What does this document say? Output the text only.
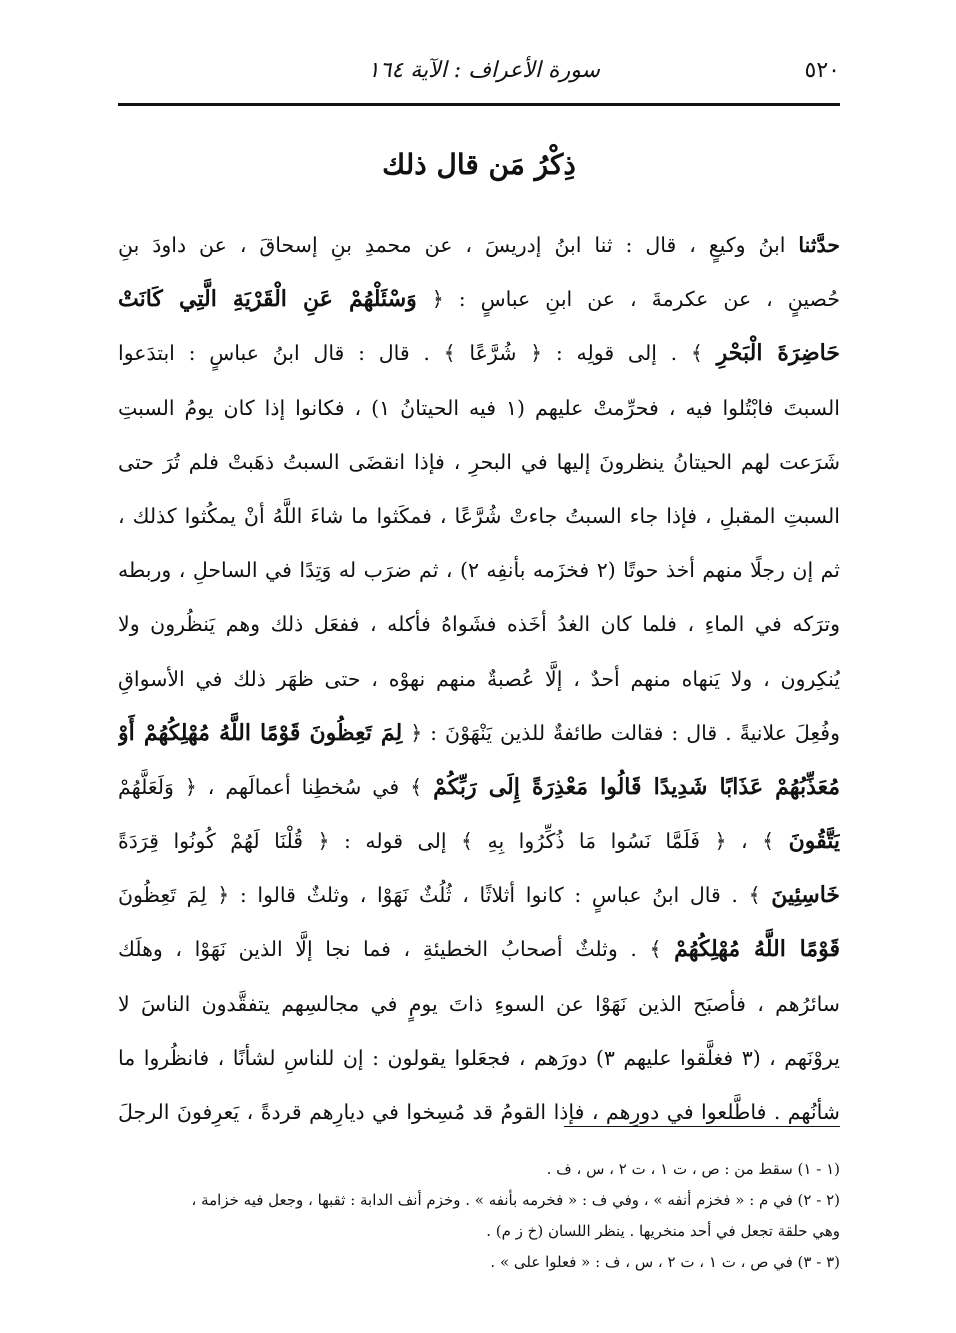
٥٢٠
سورة الأعراف : الآية ١٦٤
ذِكْرُ مَن قال ذلك
حدَّثنا ابنُ وكيعٍ ، قال : ثنا ابنُ إدريسَ ، عن محمدِ بنِ إسحاقَ ، عن داودَ بنِ
حُصينٍ ، عن عكرمةَ ، عن ابنِ عباسٍ : ﴿ وَسْئَلْهُمْ عَنِ الْقَرْيَةِ الَّتِي كَانَتْ
حَاضِرَةَ الْبَحْرِ ﴾ . إلى قولِه : ﴿ شُرَّعًا ﴾ . قال : قال ابنُ عباسٍ : ابتدَعوا
السبتَ فابْتُلوا فيه ، فحرِّمتْ عليهم (١ فيه الحيتانُ ١) ، فكانوا إذا كان يومُ السبتِ
شَرَعت لهم الحيتانُ ينظرونَ إليها في البحرِ ، فإذا انقضَى السبتُ ذهَبتْ فلم تُرَ حتى
السبتِ المقبلِ ، فإذا جاء السبتُ جاءتْ شُرَّعًا ، فمكَثوا ما شاءَ اللَّهُ أنْ يمكُثوا كذلك ،
ثم إن رجلًا منهم أخذ حوتًا (٢ فخزَمه بأنفِه ٢) ، ثم ضرَب له وَتِدًا في الساحلِ ، وربطه
وترَكه في الماءِ ، فلما كان الغدُ أخَذه فشَواهُ فأكله ، ففعَل ذلك وهم يَنظُرون ولا
يُنكِرون ، ولا يَنهاه منهم أحدٌ ، إلَّا عُصبةٌ منهم نهوْه ، حتى ظهَر ذلك في الأسواقِ
وفُعِلَ علانيةً . قال : فقالت طائفةٌ للذين يَنْهَوْنَ : ﴿ لِمَ تَعِظُونَ قَوْمًا اللَّهُ مُهْلِكُهُمْ أَوْ
مُعَذِّبُهُمْ عَذَابًا شَدِيدًا قَالُوا مَعْذِرَةً إِلَى رَبِّكُمْ ﴾ في سُخطِنا أعمالَهم ، ﴿ وَلَعَلَّهُمْ
يَتَّقُونَ ﴾ ، ﴿ فَلَمَّا نَسُوا مَا ذُكِّرُوا بِهِ ﴾ إلى قوله : ﴿ قُلْنَا لَهُمْ كُونُوا قِرَدَةً
خَاسِئِينَ ﴾ . قال ابنُ عباسٍ : كانوا أثلاثًا ، ثُلُثٌ نَهَوْا ، وثلثٌ قالوا : ﴿ لِمَ تَعِظُونَ
قَوْمًا اللَّهُ مُهْلِكُهُمْ ﴾ . وثلثٌ أصحابُ الخطيئةِ ، فما نجا إلَّا الذين نَهَوْا ، وهلَك
سائرُهم ، فأصبَح الذين نَهَوْا عن السوءِ ذاتَ يومٍ في مجالسِهم يتفقَّدون الناسَ لا
يروْنَهم ، (٣ فغلَّقوا عليهم ٣) دورَهم ، فجعَلوا يقولون : إن للناسِ لشأنًا ، فانظُروا ما
شأنُهم . فاطَّلعوا في دورِهم ، فإذا القومُ قد مُسِخوا في ديارِهم قردةً ، يَعرِفونَ الرجلَ
(١ - ١) سقط من : ص ، ت ١ ، ت ٢ ، س ، ف .
(٢ - ٢) في م : « فخزم أنفه » ، وفي ف : « فخرمه بأنفه » . وخزم أنف الدابة : ثقبها ، وجعل فيه خزامة ،
وهي حلقة تجعل في أحد منخريها . ينظر اللسان (خ ز م) .
(٣ - ٣) في ص ، ت ١ ، ت ٢ ، س ، ف : « فعلوا على » .
